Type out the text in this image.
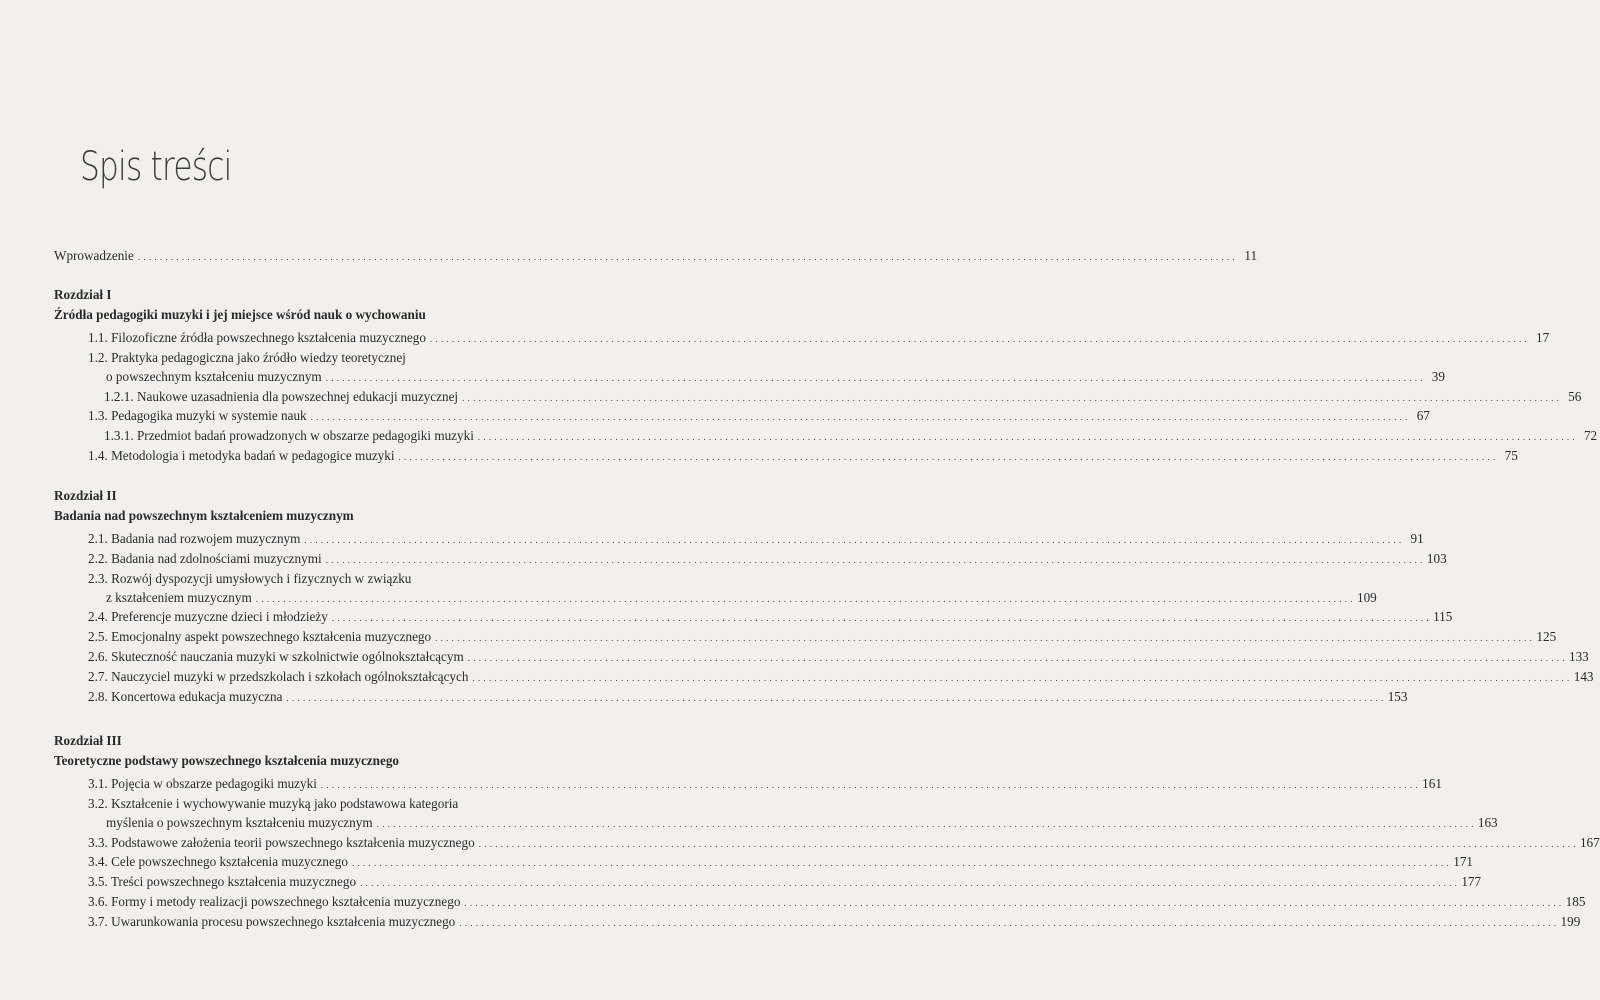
Spis treści
Wprowadzenie . . . . . . . . . . . . . . . . . . . . . . . . . . . . . . . . . . . . . . . . . . . . . . . . . . . . . . . . . . . . . . . . . . . . . . . . . . . . . . . . . . . . . . . . . . . . . . . . . . . . . . . . . . . . . . . . . . . . . . . . . . . . . . . . . . . . . . . . . . . . . . . . . . . . . . . . . . . . . . . . . . . . . . . . . . . . . . . . . . . . . . . . . . . . . . . . . . . . . . . . 11
Rozdział I
Źródła pedagogiki muzyki i jej miejsce wśród nauk o wychowaniu
1.1. Filozoficzne źródła powszechnego kształcenia muzycznego . . . . . . . . . . . . . . . . . . . . . . . . . . . . . . . . . . . . . . . . . . . . . . . . . . . . . . . . . . . . . . . . . . . . . . . . . . . . . . . . . . . . . . . . . . . . . . . . . . . . . . . . . . . . . . . . . . . . . . . . . . . . . . . . . . . . . . . . . . . . . . . . . . . . . . . . . . . . . . . . . . . . . . . . . . . . . . . . . . . . . . . . . . . . . . . . . . . . . . . . 17
1.2. Praktyka pedagogiczna jako źródło wiedzy teoretycznej
o powszechnym kształceniu muzycznym . . . . . . . . . . . . . . . . . . . . . . . . . . . . . . . . . . . . . . . . . . . . . . . . . . . . . . . . . . . . . . . . . . . . . . . . . . . . . . . . . . . . . . . . . . . . . . . . . . . . . . . . . . . . . . . . . . . . . . . . . . . . . . . . . . . . . . . . . . . . . . . . . . . . . . . . . . . . . . . . . . . . . . . . . . . . . . . . . . . . . . . . . . . . . . . . . . . . . . . . 39
1.2.1. Naukowe uzasadnienia dla powszechnej edukacji muzycznej . . . . . . . . . . . . . . . . . . . . . . . . . . . . . . . . . . . . . . . . . . . . . . . . . . . . . . . . . . . . . . . . . . . . . . . . . . . . . . . . . . . . . . . . . . . . . . . . . . . . . . . . . . . . . . . . . . . . . . . . . . . . . . . . . . . . . . . . . . . . . . . . . . . . . . . . . . . . . . . . . . . . . . . . . . . . . . . . . . . . . . . . . . . . . . . . . . . . . . . . 56
1.3. Pedagogika muzyki w systemie nauk . . . . . . . . . . . . . . . . . . . . . . . . . . . . . . . . . . . . . . . . . . . . . . . . . . . . . . . . . . . . . . . . . . . . . . . . . . . . . . . . . . . . . . . . . . . . . . . . . . . . . . . . . . . . . . . . . . . . . . . . . . . . . . . . . . . . . . . . . . . . . . . . . . . . . . . . . . . . . . . . . . . . . . . . . . . . . . . . . . . . . . . . . . . . . . . . . . . . . . . . 67
1.3.1. Przedmiot badań prowadzonych w obszarze pedagogiki muzyki . . . . . . . . . . . . . . . . . . . . . . . . . . . . . . . . . . . . . . . . . . . . . . . . . . . . . . . . . . . . . . . . . . . . . . . . . . . . . . . . . . . . . . . . . . . . . . . . . . . . . . . . . . . . . . . . . . . . . . . . . . . . . . . . . . . . . . . . . . . . . . . . . . . . . . . . . . . . . . . . . . . . . . . . . . . . . . . . . . . . . . . . . . . . . . . . . . . . . . . . 72
1.4. Metodologia i metodyka badań w pedagogice muzyki . . . . . . . . . . . . . . . . . . . . . . . . . . . . . . . . . . . . . . . . . . . . . . . . . . . . . . . . . . . . . . . . . . . . . . . . . . . . . . . . . . . . . . . . . . . . . . . . . . . . . . . . . . . . . . . . . . . . . . . . . . . . . . . . . . . . . . . . . . . . . . . . . . . . . . . . . . . . . . . . . . . . . . . . . . . . . . . . . . . . . . . . . . . . . . . . . . . . . . . . 75
Rozdział II
Badania nad powszechnym kształceniem muzycznym
2.1. Badania nad rozwojem muzycznym . . . . . . . . . . . . . . . . . . . . . . . . . . . . . . . . . . . . . . . . . . . . . . . . . . . . . . . . . . . . . . . . . . . . . . . . . . . . . . . . . . . . . . . . . . . . . . . . . . . . . . . . . . . . . . . . . . . . . . . . . . . . . . . . . . . . . . . . . . . . . . . . . . . . . . . . . . . . . . . . . . . . . . . . . . . . . . . . . . . . . . . . . . . . . . . . . . . . . . . . 91
2.2. Badania nad zdolnościami muzycznymi . . . . . . . . . . . . . . . . . . . . . . . . . . . . . . . . . . . . . . . . . . . . . . . . . . . . . . . . . . . . . . . . . . . . . . . . . . . . . . . . . . . . . . . . . . . . . . . . . . . . . . . . . . . . . . . . . . . . . . . . . . . . . . . . . . . . . . . . . . . . . . . . . . . . . . . . . . . . . . . . . . . . . . . . . . . . . . . . . . . . . . . . . . . . . . . . . . . . . . . . 103
2.3. Rozwój dyspozycji umysłowych i fizycznych w związku
z kształceniem muzycznym . . . . . . . . . . . . . . . . . . . . . . . . . . . . . . . . . . . . . . . . . . . . . . . . . . . . . . . . . . . . . . . . . . . . . . . . . . . . . . . . . . . . . . . . . . . . . . . . . . . . . . . . . . . . . . . . . . . . . . . . . . . . . . . . . . . . . . . . . . . . . . . . . . . . . . . . . . . . . . . . . . . . . . . . . . . . . . . . . . . . . . . . . . . . . . . . . . . . . . . . 109
2.4. Preferencje muzyczne dzieci i młodzieży . . . . . . . . . . . . . . . . . . . . . . . . . . . . . . . . . . . . . . . . . . . . . . . . . . . . . . . . . . . . . . . . . . . . . . . . . . . . . . . . . . . . . . . . . . . . . . . . . . . . . . . . . . . . . . . . . . . . . . . . . . . . . . . . . . . . . . . . . . . . . . . . . . . . . . . . . . . . . . . . . . . . . . . . . . . . . . . . . . . . . . . . . . . . . . . . . . . . . . . . 115
2.5. Emocjonalny aspekt powszechnego kształcenia muzycznego . . . . . . . . . . . . . . . . . . . . . . . . . . . . . . . . . . . . . . . . . . . . . . . . . . . . . . . . . . . . . . . . . . . . . . . . . . . . . . . . . . . . . . . . . . . . . . . . . . . . . . . . . . . . . . . . . . . . . . . . . . . . . . . . . . . . . . . . . . . . . . . . . . . . . . . . . . . . . . . . . . . . . . . . . . . . . . . . . . . . . . . . . . . . . . . . . . . . . . . . 125
2.6. Skuteczność nauczania muzyki w szkolnictwie ogólnokształcącym . . . . . . . . . . . . . . . . . . . . . . . . . . . . . . . . . . . . . . . . . . . . . . . . . . . . . . . . . . . . . . . . . . . . . . . . . . . . . . . . . . . . . . . . . . . . . . . . . . . . . . . . . . . . . . . . . . . . . . . . . . . . . . . . . . . . . . . . . . . . . . . . . . . . . . . . . . . . . . . . . . . . . . . . . . . . . . . . . . . . . . . . . . . . . . . . . . . . . . . . 133
2.7. Nauczyciel muzyki w przedszkolach i szkołach ogólnokształcących . . . . . . . . . . . . . . . . . . . . . . . . . . . . . . . . . . . . . . . . . . . . . . . . . . . . . . . . . . . . . . . . . . . . . . . . . . . . . . . . . . . . . . . . . . . . . . . . . . . . . . . . . . . . . . . . . . . . . . . . . . . . . . . . . . . . . . . . . . . . . . . . . . . . . . . . . . . . . . . . . . . . . . . . . . . . . . . . . . . . . . . . . . . . . . . . . . . . . . . . 143
2.8. Koncertowa edukacja muzyczna . . . . . . . . . . . . . . . . . . . . . . . . . . . . . . . . . . . . . . . . . . . . . . . . . . . . . . . . . . . . . . . . . . . . . . . . . . . . . . . . . . . . . . . . . . . . . . . . . . . . . . . . . . . . . . . . . . . . . . . . . . . . . . . . . . . . . . . . . . . . . . . . . . . . . . . . . . . . . . . . . . . . . . . . . . . . . . . . . . . . . . . . . . . . . . . . . . . . . . . . 153
Rozdział III
Teoretyczne podstawy powszechnego kształcenia muzycznego
3.1. Pojęcia w obszarze pedagogiki muzyki . . . . . . . . . . . . . . . . . . . . . . . . . . . . . . . . . . . . . . . . . . . . . . . . . . . . . . . . . . . . . . . . . . . . . . . . . . . . . . . . . . . . . . . . . . . . . . . . . . . . . . . . . . . . . . . . . . . . . . . . . . . . . . . . . . . . . . . . . . . . . . . . . . . . . . . . . . . . . . . . . . . . . . . . . . . . . . . . . . . . . . . . . . . . . . . . . . . . . . . . 161
3.2. Kształcenie i wychowywanie muzyką jako podstawowa kategoria
myślenia o powszechnym kształceniu muzycznym . . . . . . . . . . . . . . . . . . . . . . . . . . . . . . . . . . . . . . . . . . . . . . . . . . . . . . . . . . . . . . . . . . . . . . . . . . . . . . . . . . . . . . . . . . . . . . . . . . . . . . . . . . . . . . . . . . . . . . . . . . . . . . . . . . . . . . . . . . . . . . . . . . . . . . . . . . . . . . . . . . . . . . . . . . . . . . . . . . . . . . . . . . . . . . . . . . . . . . . . 163
3.3. Podstawowe założenia teorii powszechnego kształcenia muzycznego . . . . . . . . . . . . . . . . . . . . . . . . . . . . . . . . . . . . . . . . . . . . . . . . . . . . . . . . . . . . . . . . . . . . . . . . . . . . . . . . . . . . . . . . . . . . . . . . . . . . . . . . . . . . . . . . . . . . . . . . . . . . . . . . . . . . . . . . . . . . . . . . . . . . . . . . . . . . . . . . . . . . . . . . . . . . . . . . . . . . . . . . . . . . . . . . . . . . . . . . 167
3.4. Cele powszechnego kształcenia muzycznego . . . . . . . . . . . . . . . . . . . . . . . . . . . . . . . . . . . . . . . . . . . . . . . . . . . . . . . . . . . . . . . . . . . . . . . . . . . . . . . . . . . . . . . . . . . . . . . . . . . . . . . . . . . . . . . . . . . . . . . . . . . . . . . . . . . . . . . . . . . . . . . . . . . . . . . . . . . . . . . . . . . . . . . . . . . . . . . . . . . . . . . . . . . . . . . . . . . . . . . . 171
3.5. Treści powszechnego kształcenia muzycznego . . . . . . . . . . . . . . . . . . . . . . . . . . . . . . . . . . . . . . . . . . . . . . . . . . . . . . . . . . . . . . . . . . . . . . . . . . . . . . . . . . . . . . . . . . . . . . . . . . . . . . . . . . . . . . . . . . . . . . . . . . . . . . . . . . . . . . . . . . . . . . . . . . . . . . . . . . . . . . . . . . . . . . . . . . . . . . . . . . . . . . . . . . . . . . . . . . . . . . . . 177
3.6. Formy i metody realizacji powszechnego kształcenia muzycznego . . . . . . . . . . . . . . . . . . . . . . . . . . . . . . . . . . . . . . . . . . . . . . . . . . . . . . . . . . . . . . . . . . . . . . . . . . . . . . . . . . . . . . . . . . . . . . . . . . . . . . . . . . . . . . . . . . . . . . . . . . . . . . . . . . . . . . . . . . . . . . . . . . . . . . . . . . . . . . . . . . . . . . . . . . . . . . . . . . . . . . . . . . . . . . . . . . . . . . . . 185
3.7. Uwarunkowania procesu powszechnego kształcenia muzycznego . . . . . . . . . . . . . . . . . . . . . . . . . . . . . . . . . . . . . . . . . . . . . . . . . . . . . . . . . . . . . . . . . . . . . . . . . . . . . . . . . . . . . . . . . . . . . . . . . . . . . . . . . . . . . . . . . . . . . . . . . . . . . . . . . . . . . . . . . . . . . . . . . . . . . . . . . . . . . . . . . . . . . . . . . . . . . . . . . . . . . . . . . . . . . . . . . . . . . . . . 199
